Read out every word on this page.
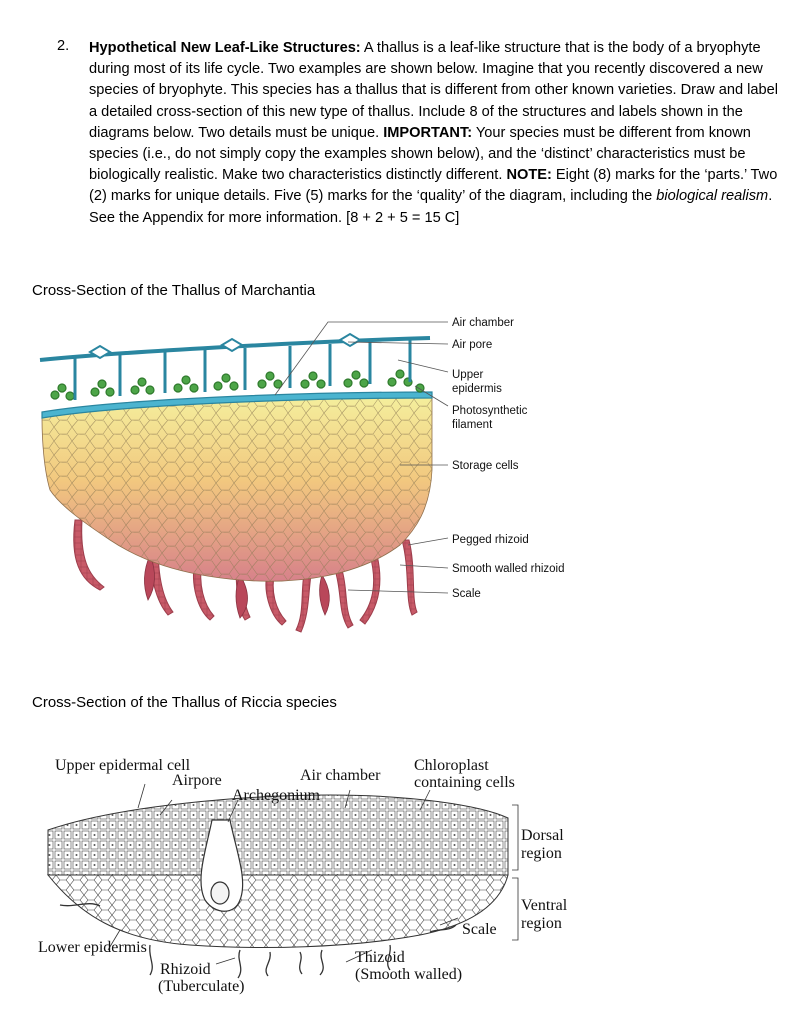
2. Hypothetical New Leaf-Like Structures: A thallus is a leaf-like structure that is the body of a bryophyte during most of its life cycle. Two examples are shown below. Imagine that you recently discovered a new species of bryophyte. This species has a thallus that is different from other known varieties. Draw and label a detailed cross-section of this new type of thallus. Include 8 of the structures and labels shown in the diagrams below. Two details must be unique. IMPORTANT: Your species must be different from known species (i.e., do not simply copy the examples shown below), and the ‘distinct’ characteristics must be biologically realistic. Make two characteristics distinctly different. NOTE: Eight (8) marks for the ‘parts.’ Two (2) marks for unique details. Five (5) marks for the ‘quality’ of the diagram, including the biological realism. See the Appendix for more information. [8 + 2 + 5 = 15 C]
Cross-Section of the Thallus of Marchantia
Cross-Section of the Thallus of Riccia species
Air chamber
Air pore
Upper
epidermis
Photosynthetic
filament
Storage cells
Pegged rhizoid
Smooth walled rhizoid
Scale
Upper epidermal cell
Airpore	Air chamber
Chloroplast
containing cells
Archegonium
Dorsal
region
Ventral
region
Scale
Lower epidermis
Rhizoid
(Tuberculate)
Thizoid
(Smooth walled)
